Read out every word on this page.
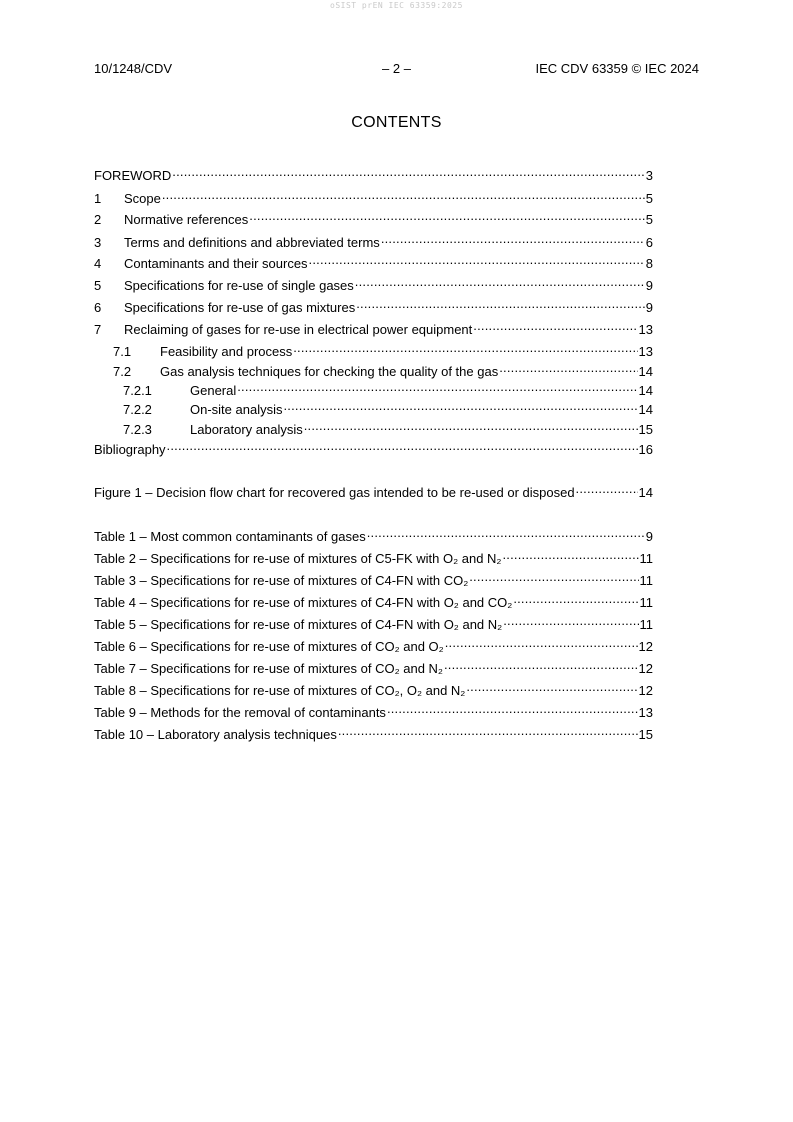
oSIST prEN IEC 63359:2025
10/1248/CDV	– 2 –	IEC CDV 63359 © IEC 2024
CONTENTS
FOREWORD .....	3
1	Scope .....	5
2	Normative references .....	5
3	Terms and definitions and abbreviated terms .....	6
4	Contaminants and their sources .....	8
5	Specifications for re-use of single gases .....	9
6	Specifications for re-use of gas mixtures .....	9
7	Reclaiming of gases for re-use in electrical power equipment .....	13
7.1	Feasibility and process .....	13
7.2	Gas analysis techniques for checking the quality of the gas .....	14
7.2.1	General .....	14
7.2.2	On-site analysis .....	14
7.2.3	Laboratory analysis .....	15
Bibliography .....	16
Figure 1 – Decision flow chart for recovered gas intended to be re-used or disposed .....	14
Table 1 – Most common contaminants of gases .....	9
Table 2 – Specifications for re-use of mixtures of C5-FK with O₂ and N₂ .....	11
Table 3 – Specifications for re-use of mixtures of C4-FN with CO₂ .....	11
Table 4 – Specifications for re-use of mixtures of C4-FN with O₂ and CO₂ .....	11
Table 5 – Specifications for re-use of mixtures of C4-FN with O₂ and N₂ .....	11
Table 6 – Specifications for re-use of mixtures of CO₂ and O₂ .....	12
Table 7 – Specifications for re-use of mixtures of CO₂ and N₂ .....	12
Table 8 – Specifications for re-use of mixtures of CO₂, O₂ and N₂ .....	12
Table 9 – Methods for the removal of contaminants .....	13
Table 10 – Laboratory analysis techniques .....	15
